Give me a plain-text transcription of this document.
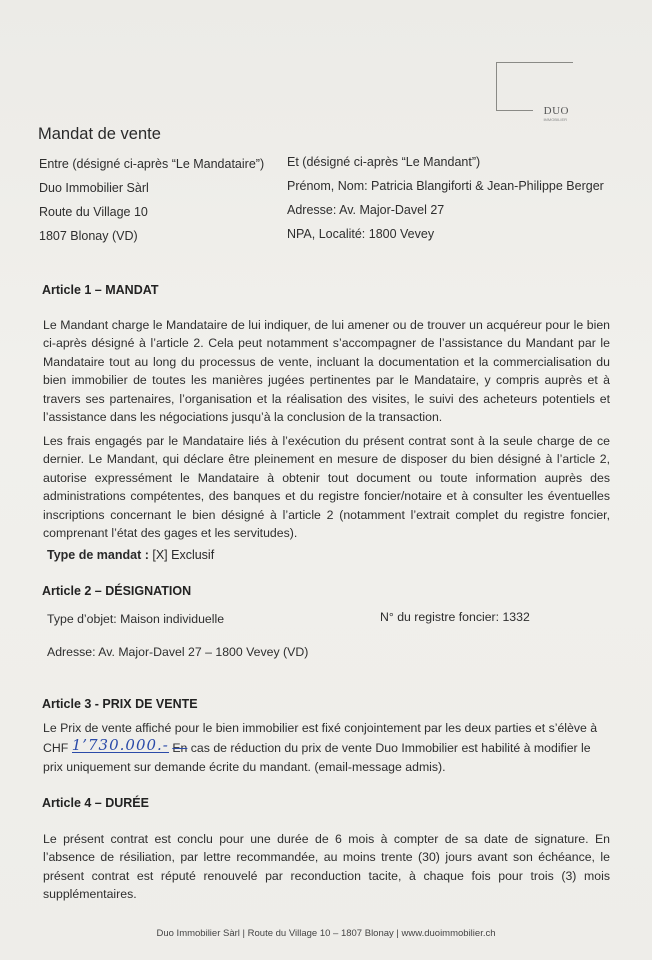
DUO
IMMOBILIER
Mandat de vente
Entre (désigné ci-après “Le Mandataire”)
Duo Immobilier Sàrl
Route du Village 10
1807 Blonay (VD)
Et (désigné ci-après “Le Mandant”)
Prénom, Nom: Patricia Blangiforti & Jean-Philippe Berger
Adresse: Av. Major-Davel 27
NPA, Localité: 1800 Vevey
Article 1 – MANDAT
Le Mandant charge le Mandataire de lui indiquer, de lui amener ou de trouver un acquéreur pour le bien ci-après désigné à l’article 2. Cela peut notamment s’accompagner de l’assistance du Mandant par le Mandataire tout au long du processus de vente, incluant la documentation et la commercialisation du bien immobilier de toutes les manières jugées pertinentes par le Mandataire, y compris auprès et à travers ses partenaires, l’organisation et la réalisation des visites, le suivi des acheteurs potentiels et l’assistance dans les négociations jusqu’à la conclusion de la transaction.
Les frais engagés par le Mandataire liés à l’exécution du présent contrat sont à la seule charge de ce dernier. Le Mandant, qui déclare être pleinement en mesure de disposer du bien désigné à l’article 2, autorise expressément le Mandataire à obtenir tout document ou toute information auprès des administrations compétentes, des banques et du registre foncier/notaire et à consulter les éventuelles inscriptions concernant le bien désigné à l’article 2 (notamment l’extrait complet du registre foncier, comprenant l’état des gages et les servitudes).
Type de mandat : [X] Exclusif
Article 2 – DÉSIGNATION
Type d’objet: Maison individuelle	N° du registre foncier: 1332
Adresse: Av. Major-Davel 27 – 1800 Vevey (VD)
Article 3 - PRIX DE VENTE
Le Prix de vente affiché pour le bien immobilier est fixé conjointement par les deux parties et s’élève à
CHF 1’730.000.- En cas de réduction du prix de vente Duo Immobilier est habilité à modifier le
prix uniquement sur demande écrite du mandant. (email-message admis).
Article 4 – DURÉE
Le présent contrat est conclu pour une durée de 6 mois à compter de sa date de signature. En l’absence de résiliation, par lettre recommandée, au moins trente (30) jours avant son échéance, le présent contrat est réputé renouvelé par reconduction tacite, à chaque fois pour trois (3) mois supplémentaires.
Duo Immobilier Sàrl | Route du Village 10 – 1807 Blonay | www.duoimmobilier.ch
